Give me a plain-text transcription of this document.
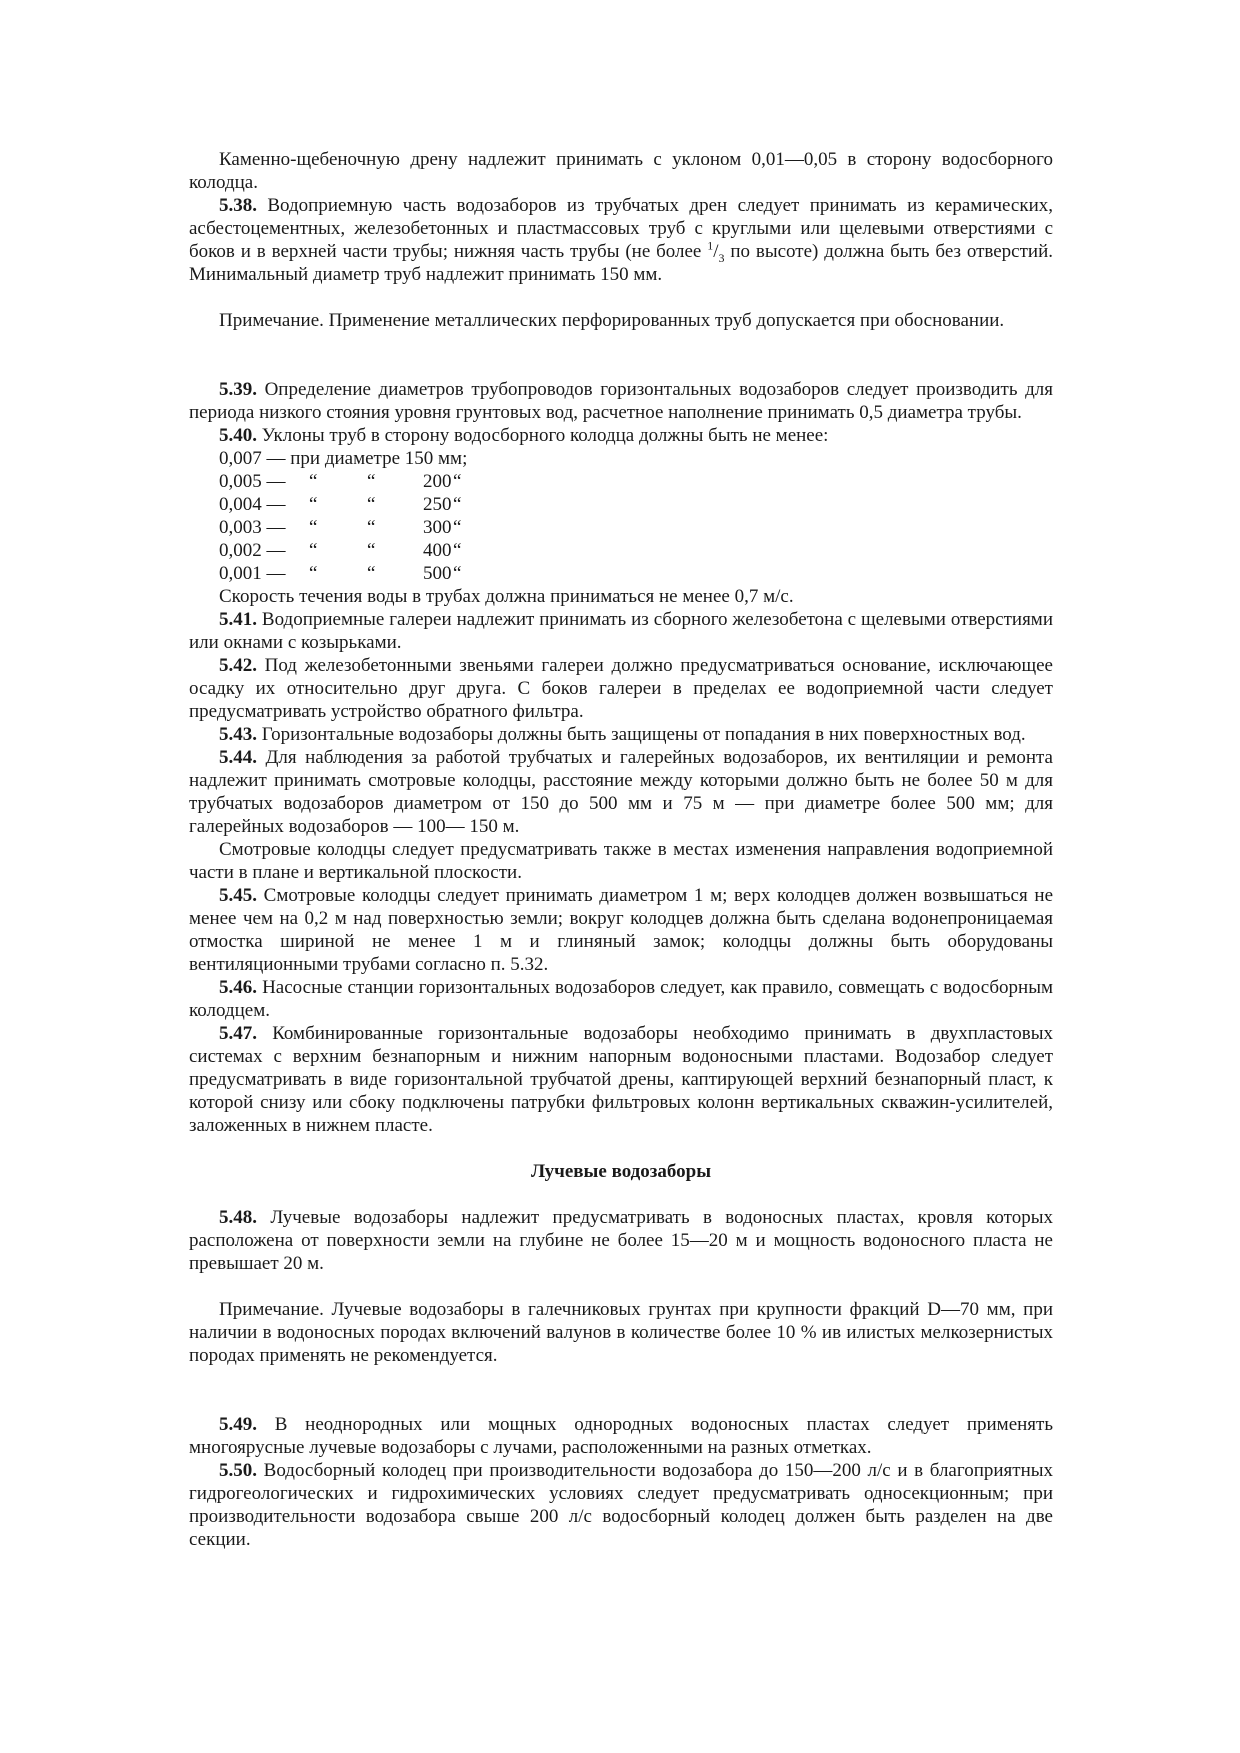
Каменно-щебеночную дрену надлежит принимать с уклоном 0,01—0,05 в сторону водосборного колодца.

5.38. Водоприемную часть водозаборов из трубчатых дрен следует принимать из керамических, асбестоцементных, железобетонных и пластмассовых труб с круглыми или щелевыми отверстиями с боков и в верхней части трубы; нижняя часть трубы (не более $^1/_3$ по высоте) должна быть без отверстий. Минимальный диаметр труб надлежит принимать 150 мм.

Примечание. Применение металлических перфорированных труб допускается при обосновании.

5.39. Определение диаметров трубопроводов горизонтальных водозаборов следует производить для периода низкого стояния уровня грунтовых вод, расчетное наполнение принимать 0,5 диаметра трубы.

5.40. Уклоны труб в сторону водосборного колодца должны быть не менее:

0,007 — при диаметре 150 мм;

0,005 — “	“	200“

0,004 — “	“	250“

0,003 — “	“	300“

0,002 — “	“	400“

0,001 — “	“	500“

Скорость течения воды в трубах должна приниматься не менее 0,7 м/с.

5.41. Водоприемные галереи надлежит принимать из сборного железобетона с щелевыми отверстиями или окнами с козырьками.

5.42. Под железобетонными звеньями галереи должно предусматриваться основание, исключающее осадку их относительно друг друга. С боков галереи в пределах ее водоприемной части следует предусматривать устройство обратного фильтра.

5.43. Горизонтальные водозаборы должны быть защищены от попадания в них поверхностных вод.

5.44. Для наблюдения за работой трубчатых и галерейных водозаборов, их вентиляции и ремонта надлежит принимать смотровые колодцы, расстояние между которыми должно быть не более 50 м для трубчатых водозаборов диаметром от 150 до 500 мм и 75 м — при диаметре более 500 мм; для галерейных водозаборов — 100— 150 м.

Смотровые колодцы следует предусматривать также в местах изменения направления водоприемной части в плане и вертикальной плоскости.

5.45. Смотровые колодцы следует принимать диаметром 1 м; верх колодцев должен возвышаться не менее чем на 0,2 м над поверхностью земли; вокруг колодцев должна быть сделана водонепроницаемая отмостка шириной не менее 1 м и глиняный замок; колодцы должны быть оборудованы вентиляционными трубами согласно п. 5.32.

5.46. Насосные станции горизонтальных водозаборов следует, как правило, совмещать с водосборным колодцем.

5.47. Комбинированные горизонтальные водозаборы необходимо принимать в двухпластовых системах с верхним безнапорным и нижним напорным водоносными пластами. Водозабор следует предусматривать в виде горизонтальной трубчатой дрены, каптирующей верхний безнапорный пласт, к которой снизу или сбоку подключены патрубки фильтровых колонн вертикальных скважин-усилителей, заложенных в нижнем пласте.

Лучевые водозаборы

5.48. Лучевые водозаборы надлежит предусматривать в водоносных пластах, кровля которых расположена от поверхности земли на глубине не более 15—20 м и мощность водоносного пласта не превышает 20 м.

Примечание. Лучевые водозаборы в галечниковых грунтах при крупности фракций D—70 мм, при наличии в водоносных породах включений валунов в количестве более 10 % ив илистых мелкозернистых породах применять не рекомендуется.

5.49. В неоднородных или мощных однородных водоносных пластах следует применять многоярусные лучевые водозаборы с лучами, расположенными на разных отметках.

5.50. Водосборный колодец при производительности водозабора до 150—200 л/с и в благоприятных гидрогеологических и гидрохимических условиях следует предусматривать односекционным; при производительности водозабора свыше 200 л/с водосборный колодец должен быть разделен на две секции.
